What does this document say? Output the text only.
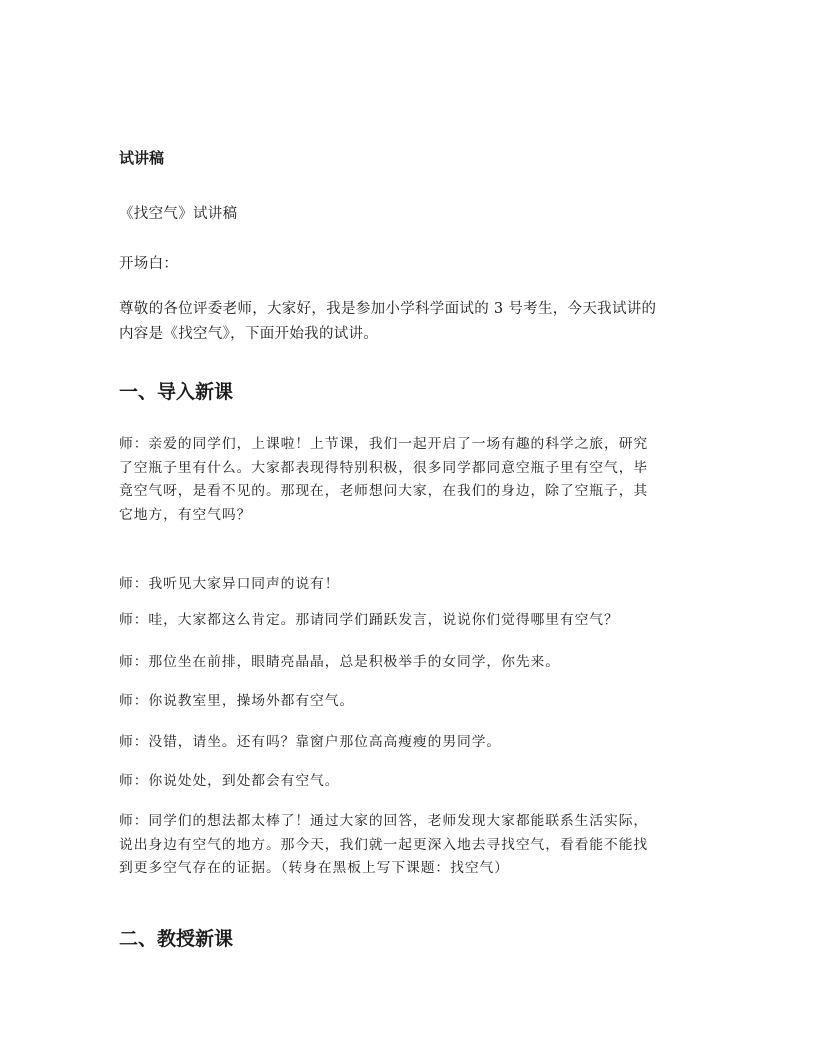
试讲稿
《找空气》试讲稿
开场白：
尊敬的各位评委老师，大家好，我是参加小学科学面试的 3 号考生，今天我试讲的
内容是《找空气》，下面开始我的试讲。
一、导入新课
师：亲爱的同学们，上课啦！上节课，我们一起开启了一场有趣的科学之旅，研究
了空瓶子里有什么。大家都表现得特别积极，很多同学都同意空瓶子里有空气，毕
竟空气呀，是看不见的。那现在，老师想问大家，在我们的身边，除了空瓶子，其
它地方，有空气吗？
师：我听见大家异口同声的说有！
师：哇，大家都这么肯定。那请同学们踊跃发言，说说你们觉得哪里有空气？
师：那位坐在前排，眼睛亮晶晶，总是积极举手的女同学，你先来。
师：你说教室里，操场外都有空气。
师：没错，请坐。还有吗？靠窗户那位高高瘦瘦的男同学。
师：你说处处，到处都会有空气。
师：同学们的想法都太棒了！通过大家的回答，老师发现大家都能联系生活实际，
说出身边有空气的地方。那今天，我们就一起更深入地去寻找空气，看看能不能找
到更多空气存在的证据。（转身在黑板上写下课题：找空气）
二、教授新课
